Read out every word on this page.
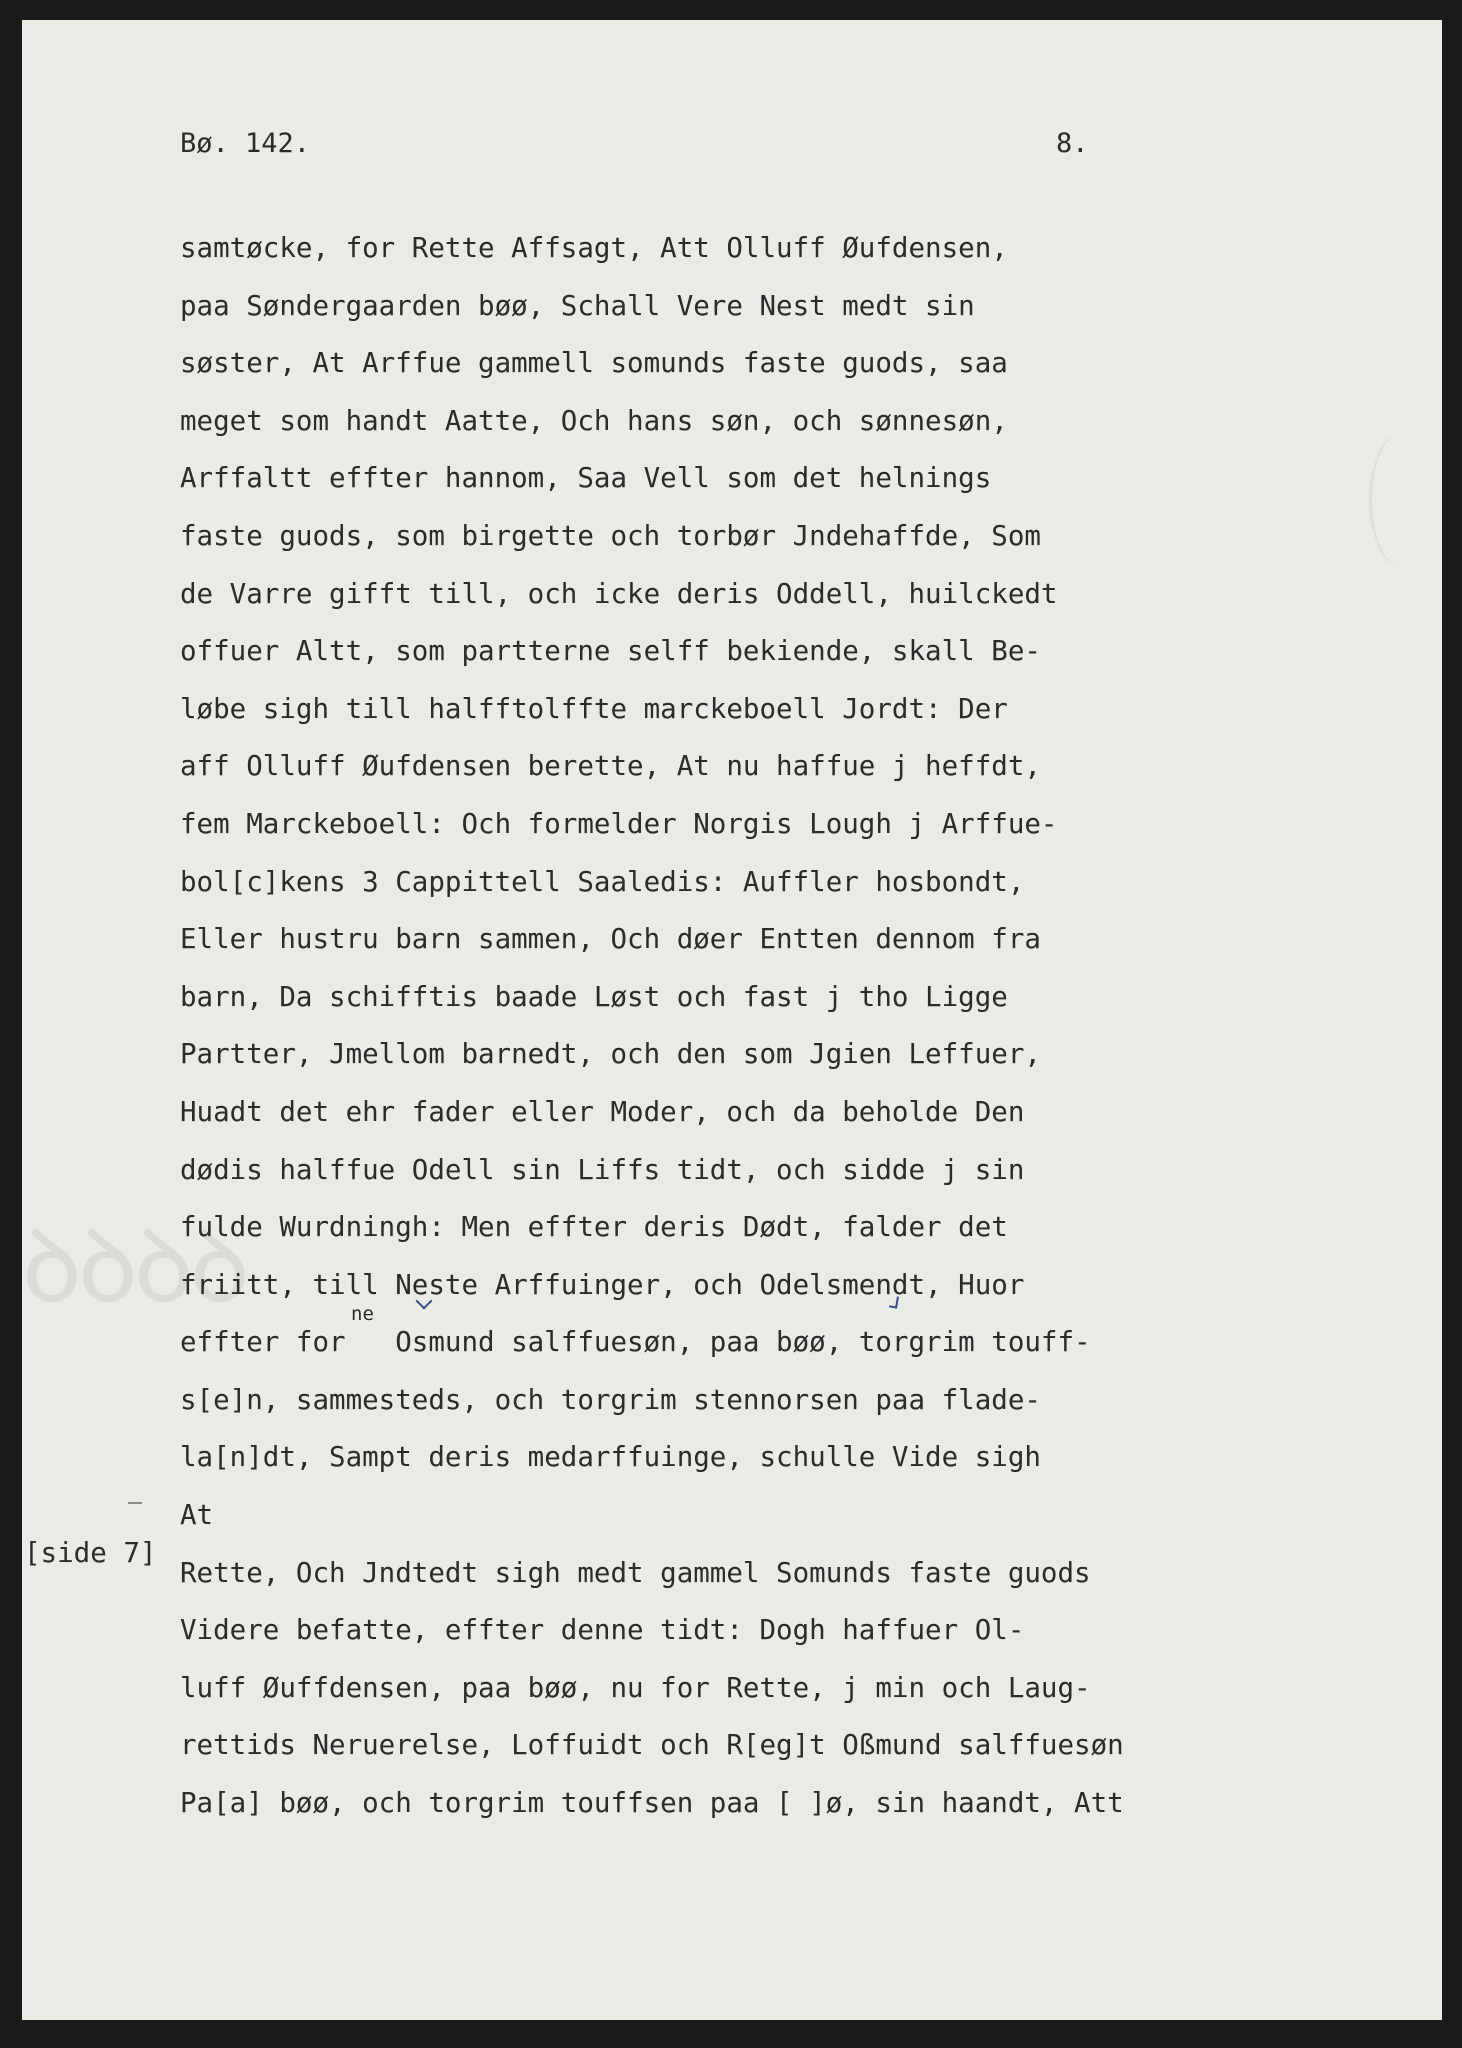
ꝺꝺꝺꝺ
Bø. 142.	8.
samtøcke, for Rette Affsagt, Att Olluff Øufdensen,
paa Søndergaarden bøø, Schall Vere Nest medt sin
søster, At Arffue gammell somunds faste guods, saa
meget som handt Aatte, Och hans søn, och sønnesøn,
Arffaltt effter hannom, Saa Vell som det helnings
faste guods, som birgette och torbør Jndehaffde, Som
de Varre gifft till, och icke deris Oddell, huilckedt
offuer Altt, som partterne selff bekiende, skall Be-
løbe sigh till halfftolffte marckeboell Jordt: Der
aff Olluff Øufdensen berette, At nu haffue j heffdt,
fem Marckeboell: Och formelder Norgis Lough j Arffue-
bol[c]kens 3 Cappittell Saaledis: Auffler hosbondt,
Eller hustru barn sammen, Och døer Entten dennom fra
barn, Da schifftis baade Løst och fast j tho Ligge
Partter, Jmellom barnedt, och den som Jgien Leffuer,
Huadt det ehr fader eller Moder, och da beholde Den
dødis halffue Odell sin Liffs tidt, och sidde j sin
fulde Wurdningh: Men effter deris Dødt, falder det
friitt, till Neste Arffuinger, och Odelsmendt, Huor
effter for   Osmund salffuesøn, paa bøø, torgrim touff-
s[e]n, sammesteds, och torgrim stennorsen paa flade-
la[n]dt, Sampt deris medarffuinge, schulle Vide sigh
At
Rette, Och Jndtedt sigh medt gammel Somunds faste guods
Videre befatte, effter denne tidt: Dogh haffuer Ol-
luff Øuffdensen, paa bøø, nu for Rette, j min och Laug-
rettids Neruerelse, Loffuidt och R[eg]t Oßmund salffuesøn
Pa[a] bøø, och torgrim touffsen paa [ ]ø, sin haandt, Att
ne
[side 7]
